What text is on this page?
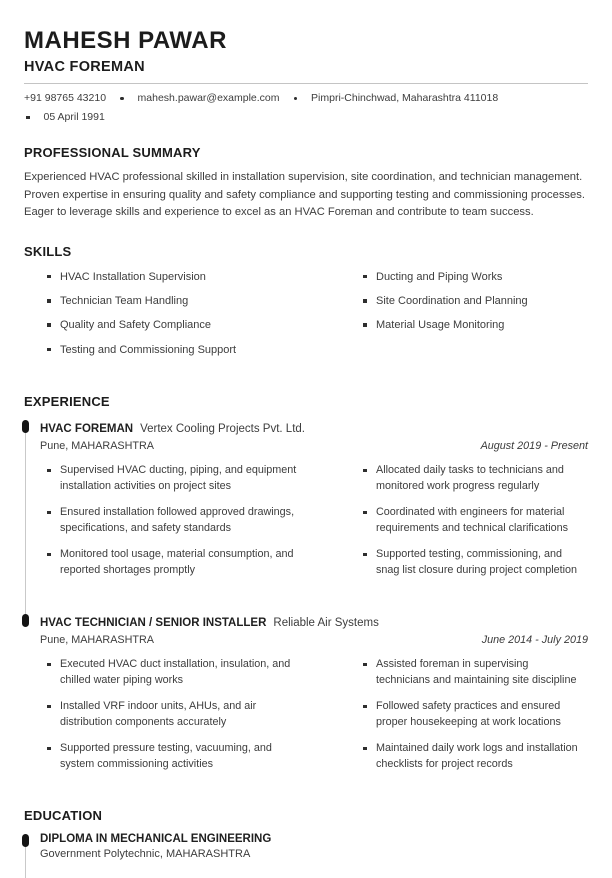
MAHESH PAWAR
HVAC FOREMAN
+91 98765 43210	mahesh.pawar@example.com	Pimpri-Chinchwad, Maharashtra 411018
05 April 1991
PROFESSIONAL SUMMARY

Experienced HVAC professional skilled in installation supervision, site coordination, and technician management. Proven expertise in ensuring quality and safety compliance and supporting testing and commissioning processes. Eager to leverage skills and experience to excel as an HVAC Foreman and contribute to team success.

SKILLS
HVAC Installation Supervision
Technician Team Handling
Quality and Safety Compliance
Testing and Commissioning Support
Ducting and Piping Works
Site Coordination and Planning
Material Usage Monitoring
EXPERIENCE
HVAC FOREMAN Vertex Cooling Projects Pvt. Ltd.
Pune, MAHARASHTRA	August 2019 - Present
Supervised HVAC ducting, piping, and equipment installation activities on project sites
Ensured installation followed approved drawings, specifications, and safety standards
Monitored tool usage, material consumption, and reported shortages promptly
Allocated daily tasks to technicians and monitored work progress regularly
Coordinated with engineers for material requirements and technical clarifications
Supported testing, commissioning, and snag list closure during project completion
HVAC TECHNICIAN / SENIOR INSTALLER Reliable Air Systems
Pune, MAHARASHTRA	June 2014 - July 2019
Executed HVAC duct installation, insulation, and chilled water piping works
Installed VRF indoor units, AHUs, and air distribution components accurately
Supported pressure testing, vacuuming, and system commissioning activities
Assisted foreman in supervising technicians and maintaining site discipline
Followed safety practices and ensured proper housekeeping at work locations
Maintained daily work logs and installation checklists for project records
EDUCATION
DIPLOMA IN MECHANICAL ENGINEERING
Government Polytechnic, MAHARASHTRA
